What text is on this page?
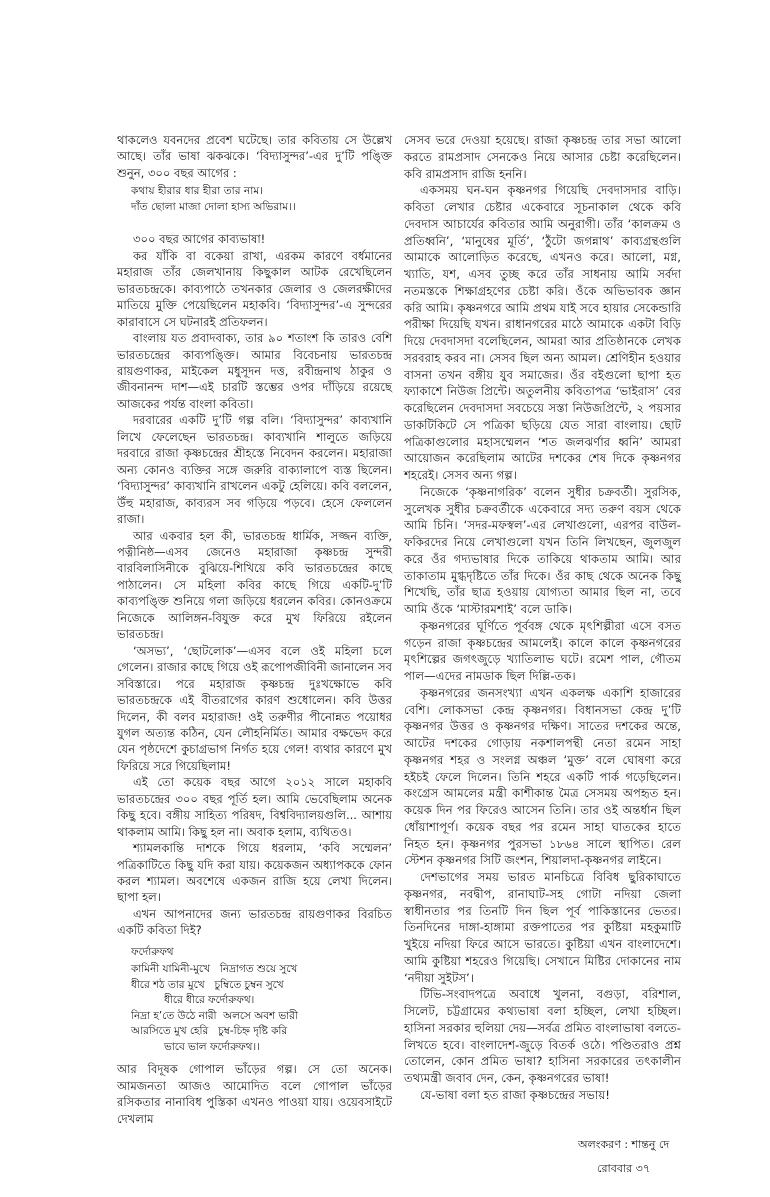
থাকলেও যবনদের প্রবেশ ঘটেছে। তার কবিতায় সে উল্লেখ আছে। তাঁর ভাষা ঝকঝকে। ‘বিদ্যাসুন্দর’-এর দু’টি পঙ্ক্তি শুনুন, ৩০০ বছর আগের :

কথায় হীরার ধার হীরা তার নাম।
দাঁত ছোলা মাজা দোলা হাস্য অভিরাম।।

৩০০ বছর আগের কাব্যভাষা!

কর যাঁকি বা বকেয়া রাখা, এরকম কারণে বর্ধমানের মহারাজ তাঁর জেলখানায় কিছুকাল আটক রেখেছিলেন ভারতচন্দ্রকে। কাব্যপাঠে তখনকার জেলার ও জেলরক্ষীদের মাতিয়ে মুক্তি পেয়েছিলেন মহাকবি। ‘বিদ্যাসুন্দর’-এ সুন্দরের কারাবাসে সে ঘটনারই প্রতিফলন।

বাংলায় যত প্রবাদবাক্য, তার ৯০ শতাংশ কি তারও বেশি ভারতচন্দ্রের কাব্যপঙ্ক্তি। আমার বিবেচনায় ভারতচন্দ্র রায়গুণাকর, মাইকেল মধুসূদন দত্ত, রবীন্দ্রনাথ ঠাকুর ও জীবনানন্দ দাশ—এই চারটি স্তম্ভের ওপর দাঁড়িয়ে রয়েছে আজকের পর্যন্ত বাংলা কবিতা।

দরবারের একটি দু’টি গল্প বলি। ‘বিদ্যাসুন্দর’ কাব্যখানি লিখে ফেলেছেন ভারতচন্দ্র। কাব্যখানি শালুতে জড়িয়ে দরবারে রাজা কৃষ্ণচন্দ্রের শ্রীহস্তে নিবেদন করলেন। মহারাজা অন্য কোনও ব্যক্তির সঙ্গে জরুরি বাক্যালাপে ব্যস্ত ছিলেন। ‘বিদ্যাসুন্দর’ কাব্যখানি রাখলেন একটু হেলিয়ে। কবি বললেন, উঁহু মহারাজ, কাব্যরস সব গড়িয়ে পড়বে। হেসে ফেললেন রাজা।

আর একবার হল কী, ভারতচন্দ্র ধার্মিক, সজ্জন ব্যক্তি, পত্নীনিষ্ঠ—এসব জেনেও মহারাজা কৃষ্ণচন্দ্র সুন্দরী বারবিলাসিনীকে বুঝিয়ে-শিখিয়ে কবি ভারতচন্দ্রের কাছে পাঠালেন। সে মহিলা কবির কাছে গিয়ে একটি-দু’টি কাব্যপঙ্ক্তি শুনিয়ে গলা জড়িয়ে ধরলেন কবির। কোনওক্রমে নিজেকে আলিঙ্গন-বিযুক্ত করে মুখ ফিরিয়ে রইলেন ভারতচন্দ্র।

‘অসভ্য’, ‘ছোটলোক’—এসব বলে ওই মহিলা চলে গেলেন। রাজার কাছে গিয়ে ওই রূপোপজীবিনী জানালেন সব সবিস্তারে। পরে মহারাজ কৃষ্ণচন্দ্র দুঃখক্ষোভে কবি ভারতচন্দ্রকে এই বীতরাগের কারণ শুধোলেন। কবি উত্তর দিলেন, কী বলব মহারাজ! ওই তরুণীর পীনোন্নত পয়োধর যুগল অত্যন্ত কঠিন, যেন লৌহনির্মিত। আমার বক্ষভেদ করে যেন পৃষ্ঠদেশে কুচাগ্রভাগ নির্গত হয়ে গেল! ব্যথার কারণে মুখ ফিরিয়ে সরে গিয়েছিলাম!

এই তো কয়েক বছর আগে ২০১২ সালে মহাকবি ভারতচন্দ্রের ৩০০ বছর পূর্তি হল। আমি ভেবেছিলাম অনেক কিছু হবে। বঙ্গীয় সাহিত্য পরিষদ, বিশ্ববিদ্যালয়গুলি... আশায় থাকলাম আমি। কিছু হল না। অবাক হলাম, ব্যথিতও।

শ্যামলকান্তি দাশকে গিয়ে ধরলাম, ‘কবি সম্মেলন’ পত্রিকাটিতে কিছু যদি করা যায়। কয়েকজন অধ্যাপককে ফোন করল শ্যামল। অবশেষে একজন রাজি হয়ে লেখা দিলেন। ছাপা হল।

এখন আপনাদের জন্য ভারতচন্দ্র রায়গুণাকর বিরচিত একটি কবিতা দিই?

ফর্দোরুফথ
কামিনী যামিনী-মুখে   নিদ্রাগত শুয়ে সুখে
ধীরে শঠ তার মুখে   চুম্বিতে চুম্বন সুখে
ধীরে ধীরে ফর্দোরুফথ।
নিদ্রা হ’তে উঠে নারী  অলসে অবশ ভারী
আরসিতে মুখ হেরি   চুম্ব-চিহ্ন দৃষ্টি করি
ভাবে ভাল ফর্দোরুফথ।।

আর বিদূষক গোপাল ভাঁড়ের গল্প। সে তো অনেক। আমজনতা আজও আমোদিত বলে গোপাল ভাঁড়ের রসিকতার নানাবিধ পুস্তিকা এখনও পাওয়া যায়। ওয়েবসাইটে দেখলাম

সেসব ভরে দেওয়া হয়েছে। রাজা কৃষ্ণচন্দ্র তার সভা আলো করতে রামপ্রসাদ সেনকেও নিয়ে আসার চেষ্টা করেছিলেন। কবি রামপ্রসাদ রাজি হননি।

একসময় ঘন-ঘন কৃষ্ণনগর গিয়েছি দেবদাসদার বাড়ি। কবিতা লেখার চেষ্টার একেবারে সূচনাকাল থেকে কবি দেবদাস আচার্যের কবিতার আমি অনুরাগী। তাঁর ‘কালক্রম ও প্রতিধ্বনি’, ‘মানুষের মূর্তি’, ‘ঠুঁটো জগন্নাথ’ কাব্যগ্রন্থগুলি আমাকে আলোড়িত করেছে, এখনও করে। আলো, মগ্ন, খ্যাতি, যশ, এসব তুচ্ছ করে তাঁর সাধনায় আমি সর্বদা নতমস্তকে শিক্ষাগ্রহণের চেষ্টা করি। ওঁকে অভিভাবক জ্ঞান করি আমি। কৃষ্ণনগরে আমি প্রথম যাই সবে হায়ার সেকেন্ডারি পরীক্ষা দিয়েছি যখন। রাধানগরের মাঠে আমাকে একটা বিড়ি দিয়ে দেবদাসদা বলেছিলেন, আমরা আর প্রতিষ্ঠানকে লেখক সরবরাহ করব না। সেসব ছিল অন্য আমল। শ্রেণিহীন হওয়ার বাসনা তখন বঙ্গীয় যুব সমাজের। ওঁর বইগুলো ছাপা হত ফ্যাকাশে নিউজ প্রিন্টে। অতুলনীয় কবিতাপত্র ‘ভাইরাস’ বের করেছিলেন দেবদাসদা সবচেয়ে সস্তা নিউজপ্রিন্টে, ২ পয়সার ডাকটিকিটে সে পত্রিকা ছড়িয়ে যেত সারা বাংলায়। ছোট পত্রিকাগুলোর মহাসম্মেলন ‘শত জলঝর্ণার ধ্বনি’ আমরা আয়োজন করেছিলাম আটের দশকের শেষ দিকে কৃষ্ণনগর শহরেই। সেসব অন্য গল্প।

নিজেকে ‘কৃষ্ণনাগরিক’ বলেন সুধীর চক্রবর্তী। সুরসিক, সুলেখক সুধীর চক্রবর্তীকে একেবারে সদ্য তরুণ বয়স থেকে আমি চিনি। ‘সদর-মফস্বল’-এর লেখাগুলো, এরপর বাউল-ফকিরদের নিয়ে লেখাগুলো যখন তিনি লিখছেন, জুলজুল করে ওঁর গদ্যভাষার দিকে তাকিয়ে থাকতাম আমি। আর তাকাতাম মুগ্ধদৃষ্টিতে তাঁর দিকে। ওঁর কাছ থেকে অনেক কিছু শিখেছি, তাঁর ছাত্র হওয়ায় যোগ্যতা আমার ছিল না, তবে আমি ওঁকে ‘মাস্টারমশাই’ বলে ডাকি।

কৃষ্ণনগরের ঘূর্ণিতে পূর্ববঙ্গ থেকে মৃৎশিল্পীরা এসে বসত গড়েন রাজা কৃষ্ণচন্দ্রের আমলেই। কালে কালে কৃষ্ণনগরের মৃৎশিল্পের জগৎজুড়ে খ্যাতিলাভ ঘটে। রমেশ পাল, গৌতম পাল—এদের নামডাক ছিল দিল্লি-তক।

কৃষ্ণনগরের জনসংখ্যা এখন একলক্ষ একাশি হাজারের বেশি। লোকসভা কেন্দ্র কৃষ্ণনগর। বিধানসভা কেন্দ্র দু’টি কৃষ্ণনগর উত্তর ও কৃষ্ণনগর দক্ষিণ। সাতের দশকের অন্তে, আটের দশকের গোড়ায় নকশালপন্থী নেতা রমেন সাহা কৃষ্ণনগর শহর ও সংলগ্ন অঞ্চল ‘মুক্ত’ বলে ঘোষণা করে হইচই ফেলে দিলেন। তিনি শহরে একটি পার্ক গড়েছিলেন। কংগ্রেস আমলের মন্ত্রী কাশীকান্ত মৈত্র সেসময় অপহৃত হন। কয়েক দিন পর ফিরেও আসেন তিনি। তার ওই অন্তর্ধান ছিল ধোঁয়াশাপূর্ণ। কয়েক বছর পর রমেন সাহা ঘাতকের হাতে নিহত হন। কৃষ্ণনগর পুরসভা ১৮৬৪ সালে স্থাপিত। রেল স্টেশন কৃষ্ণনগর সিটি জংশন, শিয়ালদা-কৃষ্ণনগর লাইনে।

দেশভাগের সময় ভারত মানচিত্রে বিবিধ ছুরিকাঘাতে কৃষ্ণনগর, নবদ্বীপ, রানাঘাট-সহ গোটা নদিয়া জেলা স্বাধীনতার পর তিনটি দিন ছিল পূর্ব পাকিস্তানের ভেতর। তিনদিনের দাঙ্গা-হাঙ্গামা রক্তপাতের পর কুষ্টিয়া মহকুমাটি খুইয়ে নদিয়া ফিরে আসে ভারতে। কুষ্টিয়া এখন বাংলাদেশে। আমি কুষ্টিয়া শহরেও গিয়েছি। সেখানে মিষ্টির দোকানের নাম ‘নদীয়া সুইটস’।

টিভি-সংবাদপত্রে অবাধে খুলনা, বগুড়া, বরিশাল, সিলেট, চট্টগ্রামের কথ্যভাষা বলা হচ্ছিল, লেখা হচ্ছিল। হাসিনা সরকার হুলিয়া দেয়—সর্বত্র প্রমিত বাংলাভাষা বলতে-লিখতে হবে। বাংলাদেশ-জুড়ে বিতর্ক ওঠে। পণ্ডিতরাও প্রশ্ন তোলেন, কোন প্রমিত ভাষা? হাসিনা সরকারের তৎকালীন তথ্যমন্ত্রী জবাব দেন, কেন, কৃষ্ণনগরের ভাষা!

যে-ভাষা বলা হত রাজা কৃষ্ণচন্দ্রের সভায়!

অলংকরণ : শান্তনু দে
রোববার ৩৭
